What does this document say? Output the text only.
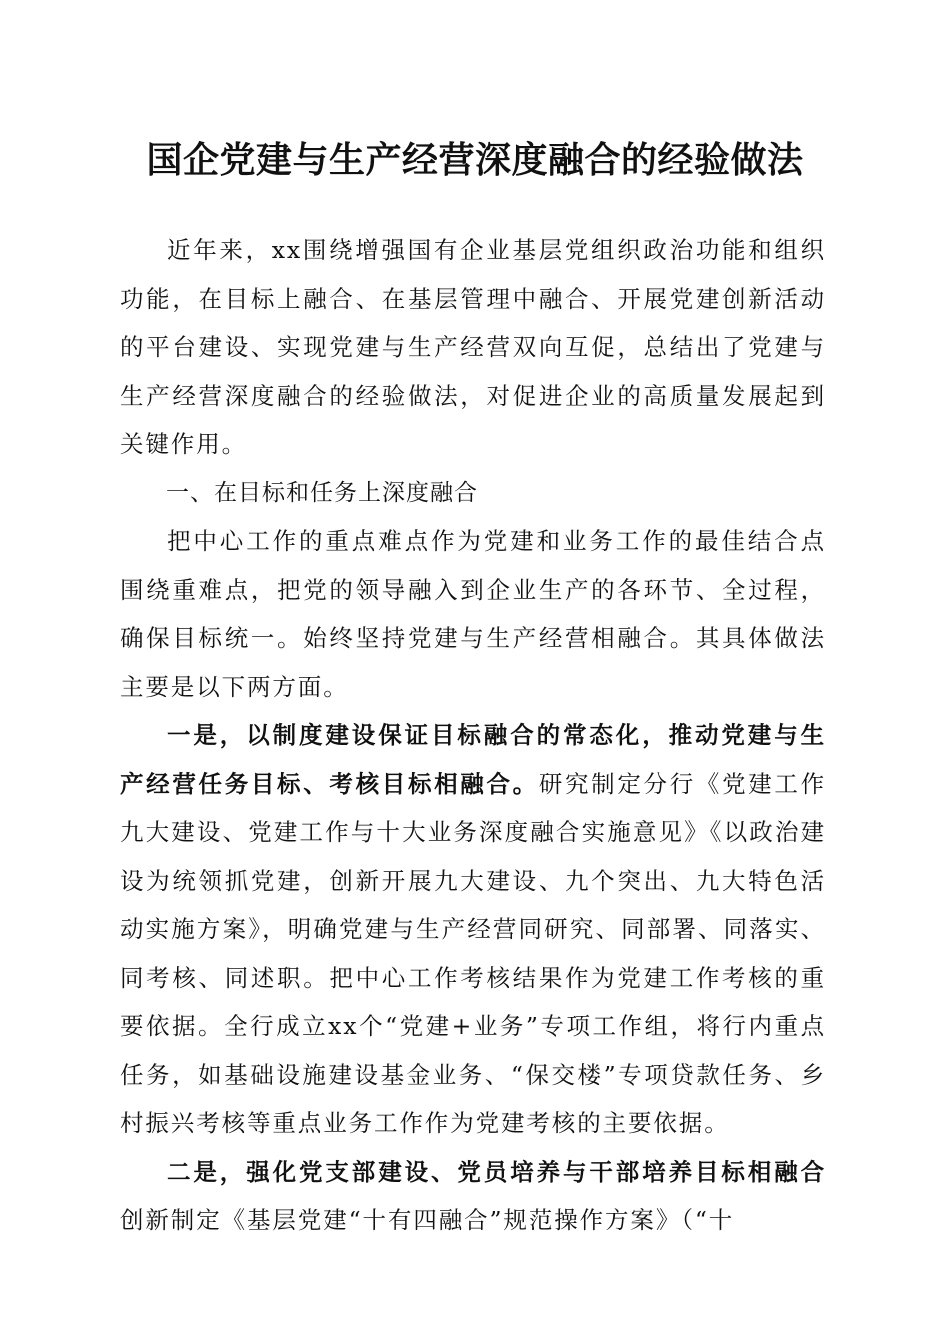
国企党建与生产经营深度融合的经验做法

近年来，xx围绕增强国有企业基层党组织政治功能和组织功能，在目标上融合、在基层管理中融合、开展党建创新活动的平台建设、实现党建与生产经营双向互促，总结出了党建与生产经营深度融合的经验做法，对促进企业的高质量发展起到关键作用。

一、在目标和任务上深度融合

把中心工作的重点难点作为党建和业务工作的最佳结合点围绕重难点，把党的领导融入到企业生产的各环节、全过程，确保目标统一。始终坚持党建与生产经营相融合。其具体做法主要是以下两方面。

一是，以制度建设保证目标融合的常态化，推动党建与生产经营任务目标、考核目标相融合。研究制定分行《党建工作九大建设、党建工作与十大业务深度融合实施意见》《以政治建设为统领抓党建，创新开展九大建设、九个突出、九大特色活动实施方案》，明确党建与生产经营同研究、同部署、同落实、同考核、同述职。把中心工作考核结果作为党建工作考核的重要依据。全行成立xx个“党建+业务”专项工作组，将行内重点任务，如基础设施建设基金业务、“保交楼”专项贷款任务、乡村振兴考核等重点业务工作作为党建考核的主要依据。

二是，强化党支部建设、党员培养与干部培养目标相融合创新制定《基层党建“十有四融合”规范操作方案》（“十
